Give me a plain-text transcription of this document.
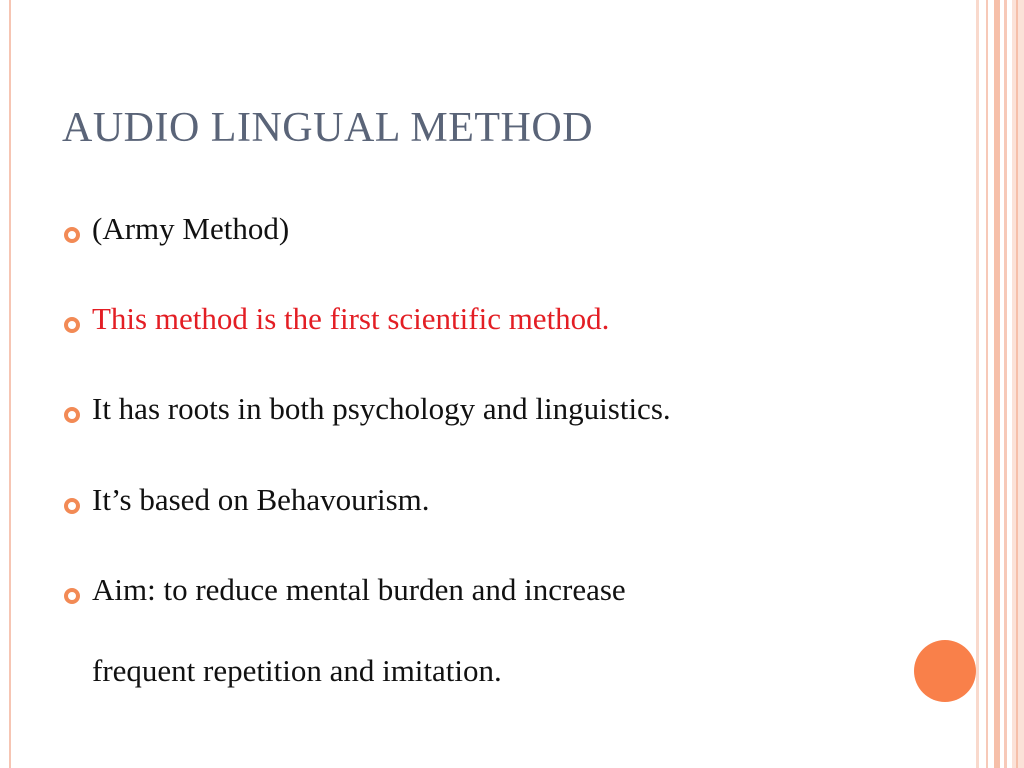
AUDIO LINGUAL METHOD
(Army Method)
This method is the first scientific method.
It has roots in both psychology and linguistics.
It’s based on Behavourism.
Aim: to reduce mental burden and increase
frequent repetition and imitation.
